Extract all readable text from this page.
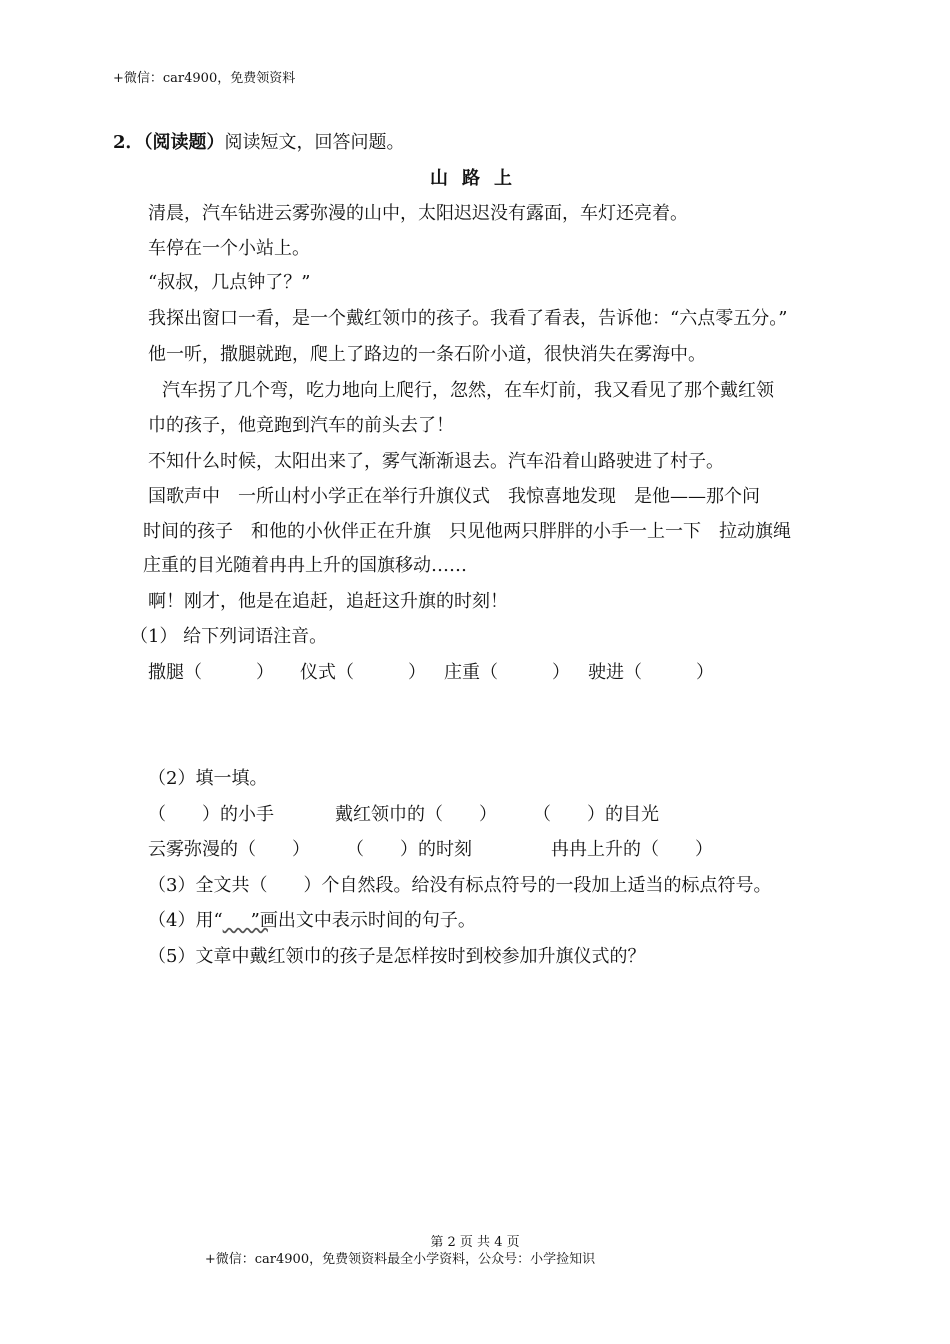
+微信：car4900，免费领资料
2．（阅读题）阅读短文，回答问题。
山路上
清晨，汽车钻进云雾弥漫的山中，太阳迟迟没有露面，车灯还亮着。
车停在一个小站上。
“叔叔，几点钟了？”
我探出窗口一看，是一个戴红领巾的孩子。我看了看表，告诉他：“六点零五分。”
他一听，撒腿就跑，爬上了路边的一条石阶小道，很快消失在雾海中。
汽车拐了几个弯，吃力地向上爬行，忽然，在车灯前，我又看见了那个戴红领
巾的孩子，他竟跑到汽车的前头去了！
不知什么时候，太阳出来了，雾气渐渐退去。汽车沿着山路驶进了村子。
国歌声中　一所山村小学正在举行升旗仪式　我惊喜地发现　是他——那个问
时间的孩子　和他的小伙伴正在升旗　只见他两只胖胖的小手一上一下　拉动旗绳
庄重的目光随着冉冉上升的国旗移动……
啊！刚才，他是在追赶，追赶这升旗的时刻！
（1） 给下列词语注音。
撒腿（　　　） 仪式（　　　） 庄重（　　　） 驶进（　　　）
（2）填一填。
（　　）的小手	戴红领巾的（　　） （　　）的目光
云雾弥漫的（　　） （　　）的时刻	冉冉上升的（　　）
（3）全文共（　　）个自然段。给没有标点符号的一段加上适当的标点符号。
（4）用“ ”画出文中表示时间的句子。
（5）文章中戴红领巾的孩子是怎样按时到校参加升旗仪式的？
第 2 页 共 4 页
+微信：car4900，免费领资料最全小学资料，公众号：小学捡知识
